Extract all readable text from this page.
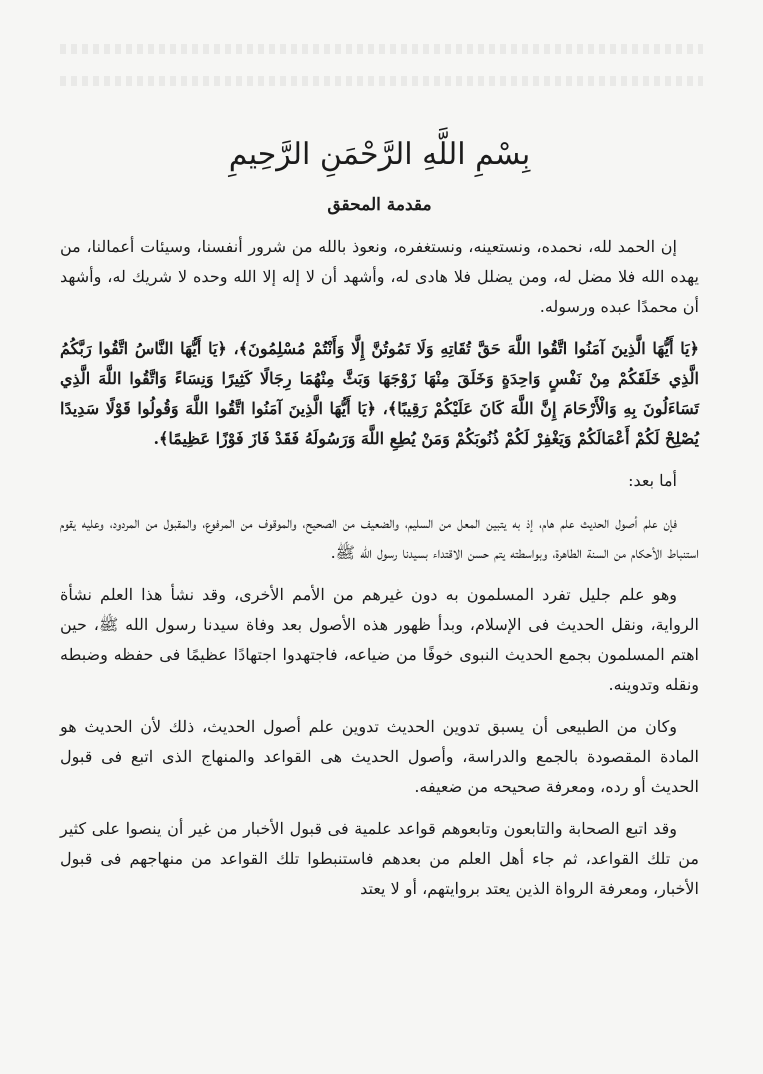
بِسْمِ اللَّهِ الرَّحْمَنِ الرَّحِيمِ
مقدمة المحقق

إن الحمد لله، نحمده، ونستعينه، ونستغفره، ونعوذ بالله من شرور أنفسنا، وسيئات أعمالنا، من يهده الله فلا مضل له، ومن يضلل فلا هادى له، وأشهد أن لا إله إلا الله وحده لا شريك له، وأشهد أن محمدًا عبده ورسوله.

﴿يَا أَيُّهَا الَّذِينَ آمَنُوا اتَّقُوا اللَّهَ حَقَّ تُقَاتِهِ وَلَا تَمُوتُنَّ إِلَّا وَأَنْتُمْ مُسْلِمُونَ﴾، ﴿يَا أَيُّهَا النَّاسُ اتَّقُوا رَبَّكُمُ الَّذِي خَلَقَكُمْ مِنْ نَفْسٍ وَاحِدَةٍ وَخَلَقَ مِنْهَا زَوْجَهَا وَبَثَّ مِنْهُمَا رِجَالًا كَثِيرًا وَنِسَاءً وَاتَّقُوا اللَّهَ الَّذِي تَسَاءَلُونَ بِهِ وَالْأَرْحَامَ إِنَّ اللَّهَ كَانَ عَلَيْكُمْ رَقِيبًا﴾، ﴿يَا أَيُّهَا الَّذِينَ آمَنُوا اتَّقُوا اللَّهَ وَقُولُوا قَوْلًا سَدِيدًا يُصْلِحْ لَكُمْ أَعْمَالَكُمْ وَيَغْفِرْ لَكُمْ ذُنُوبَكُمْ وَمَنْ يُطِعِ اللَّهَ وَرَسُولَهُ فَقَدْ فَازَ فَوْزًا عَظِيمًا﴾.

أما بعد:

فإن علم أصول الحديث علم هام، إذ به يتبين المعل من السليم، والضعيف من الصحيح، والموقوف من المرفوع، والمقبول من المردود، وعليه يقوم استنباط الأحكام من السنة الطاهرة، وبواسطته يتم حسن الاقتداء بسيدنا رسول الله ﷺ.

وهو علم جليل تفرد المسلمون به دون غيرهم من الأمم الأخرى، وقد نشأ هذا العلم نشأة الرواية، ونقل الحديث فى الإسلام، وبدأ ظهور هذه الأصول بعد وفاة سيدنا رسول الله ﷺ، حين اهتم المسلمون بجمع الحديث النبوى خوفًا من ضياعه، فاجتهدوا اجتهادًا عظيمًا فى حفظه وضبطه ونقله وتدوينه.

وكان من الطبيعى أن يسبق تدوين الحديث تدوين علم أصول الحديث، ذلك لأن الحديث هو المادة المقصودة بالجمع والدراسة، وأصول الحديث هى القواعد والمنهاج الذى اتبع فى قبول الحديث أو رده، ومعرفة صحيحه من ضعيفه.

وقد اتبع الصحابة والتابعون وتابعوهم قواعد علمية فى قبول الأخبار من غير أن ينصوا على كثير من تلك القواعد، ثم جاء أهل العلم من بعدهم فاستنبطوا تلك القواعد من منهاجهم فى قبول الأخبار، ومعرفة الرواة الذين يعتد بروايتهم، أو لا يعتد
